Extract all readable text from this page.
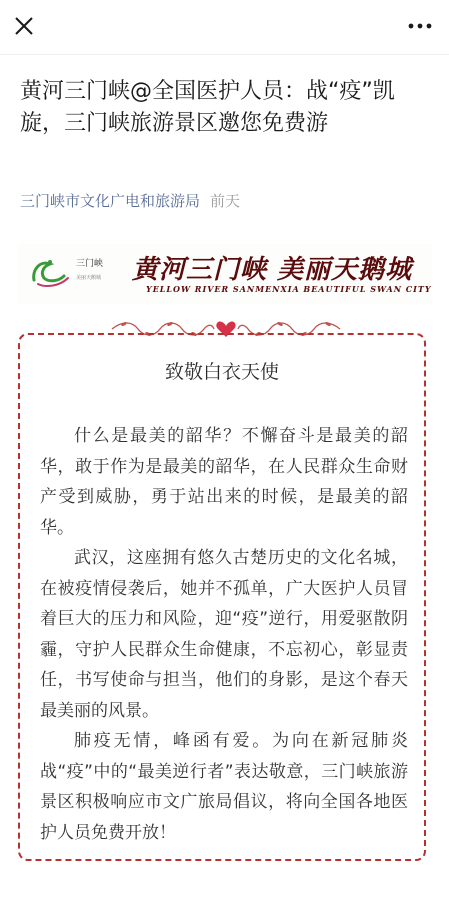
黄河三门峡@全国医护人员：战“疫”凯旋，三门峡旅游景区邀您免费游
三门峡市文化广电和旅游局 前天
三门峡
美丽天鹅城 黄河三门峡 美丽天鹅城
YELLOW RIVER SANMENXIA BEAUTIFUL SWAN CITY
致敬白衣天使

什么是最美的韶华？不懈奋斗是最美的韶华，敢于作为是最美的韶华，在人民群众生命财产受到威胁，勇于站出来的时候，是最美的韶华。

武汉，这座拥有悠久古楚历史的文化名城，在被疫情侵袭后，她并不孤单，广大医护人员冒着巨大的压力和风险，迎“疫”逆行，用爱驱散阴霾，守护人民群众生命健康，不忘初心，彰显责任，书写使命与担当，他们的身影，是这个春天最美丽的风景。

肺疫无情，峰函有爱。为向在新冠肺炎战“疫”中的“最美逆行者”表达敬意，三门峡旅游景区积极响应市文广旅局倡议，将向全国各地医护人员免费开放！
